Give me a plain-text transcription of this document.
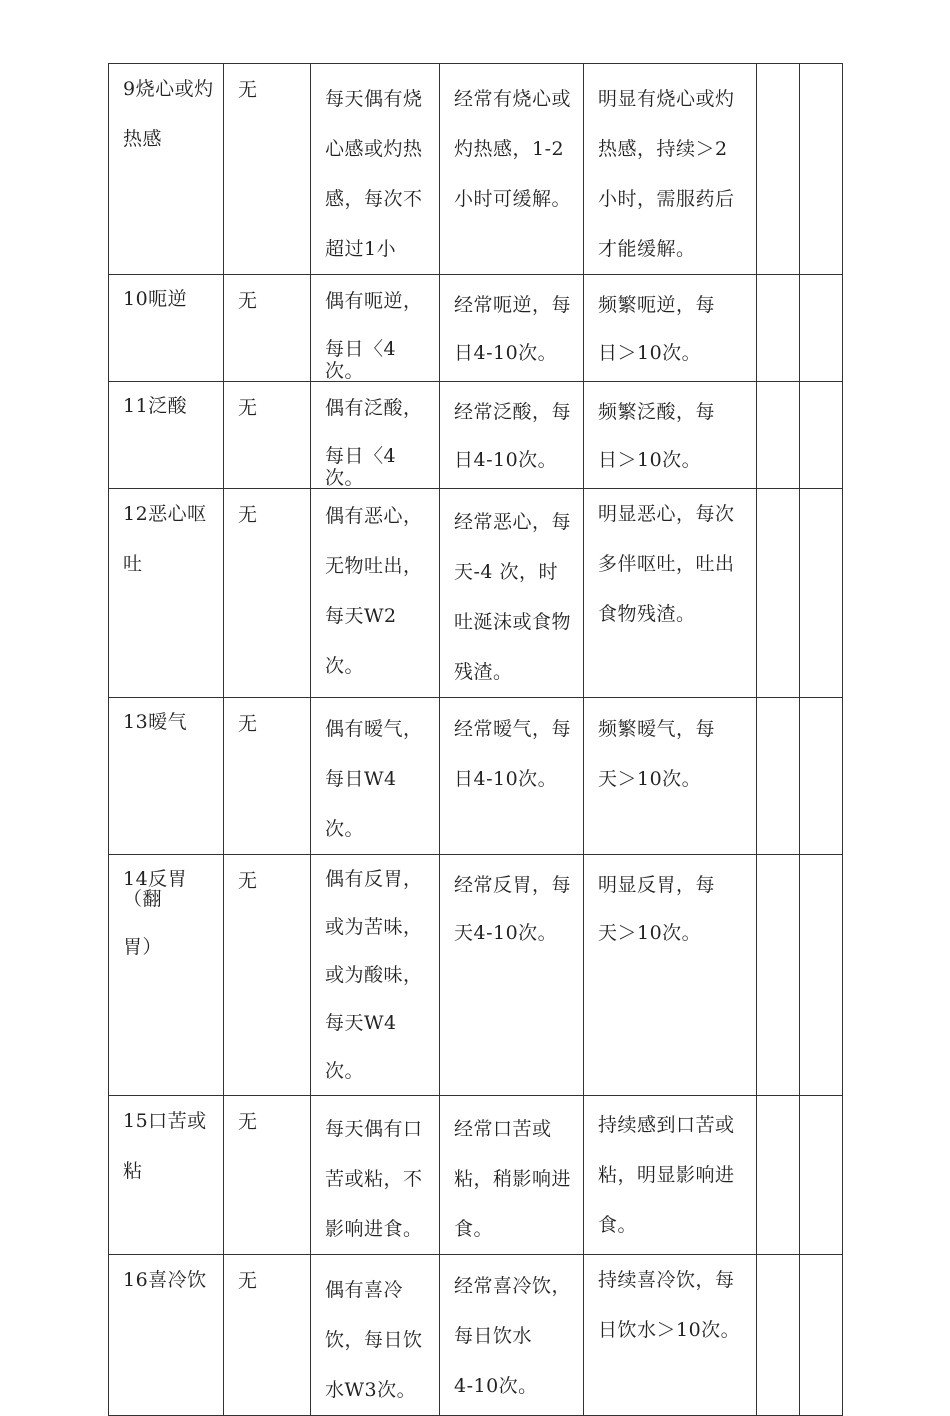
9烧心或灼
热感	无	每天偶有烧
心感或灼热
感，每次不
超过1小	经常有烧心或
灼热感，1-2
小时可缓解。	明显有烧心或灼
热感，持续＞2
小时，需服药后
才能缓解。		

10呃逆	无	偶有呃逆，
每日〈4
次。	经常呃逆，每
日4-10次。	频繁呃逆，每
日＞10次。		

11泛酸	无	偶有泛酸，
每日〈4
次。	经常泛酸，每
日4-10次。	频繁泛酸，每
日＞10次。		

12恶心呕
吐	无	偶有恶心，
无物吐出，
每天W2次。	经常恶心，每
天-4 次，时
吐涎沫或食物
残渣。	明显恶心，每次
多伴呕吐，吐出
食物残渣。		

13暧气	无	偶有暧气，
每日W4次。	经常暧气，每
日4-10次。	频繁暧气，每
天＞10次。		

14反胃
（翻
胃）	无	偶有反胃，
或为苦味，
或为酸味，
每天W4次。	经常反胃，每
天4-10次。	明显反胃，每
天＞10次。		

15口苦或
粘	无	每天偶有口
苦或粘，不
影响进食。	经常口苦或
粘，稍影响进
食。	持续感到口苦或
粘，明显影响进
食。		

16喜冷饮	无	偶有喜冷
饮，每日饮
水W3次。	经常喜冷饮，
每日饮水
4-10次。	持续喜冷饮，每
日饮水＞10次。		
